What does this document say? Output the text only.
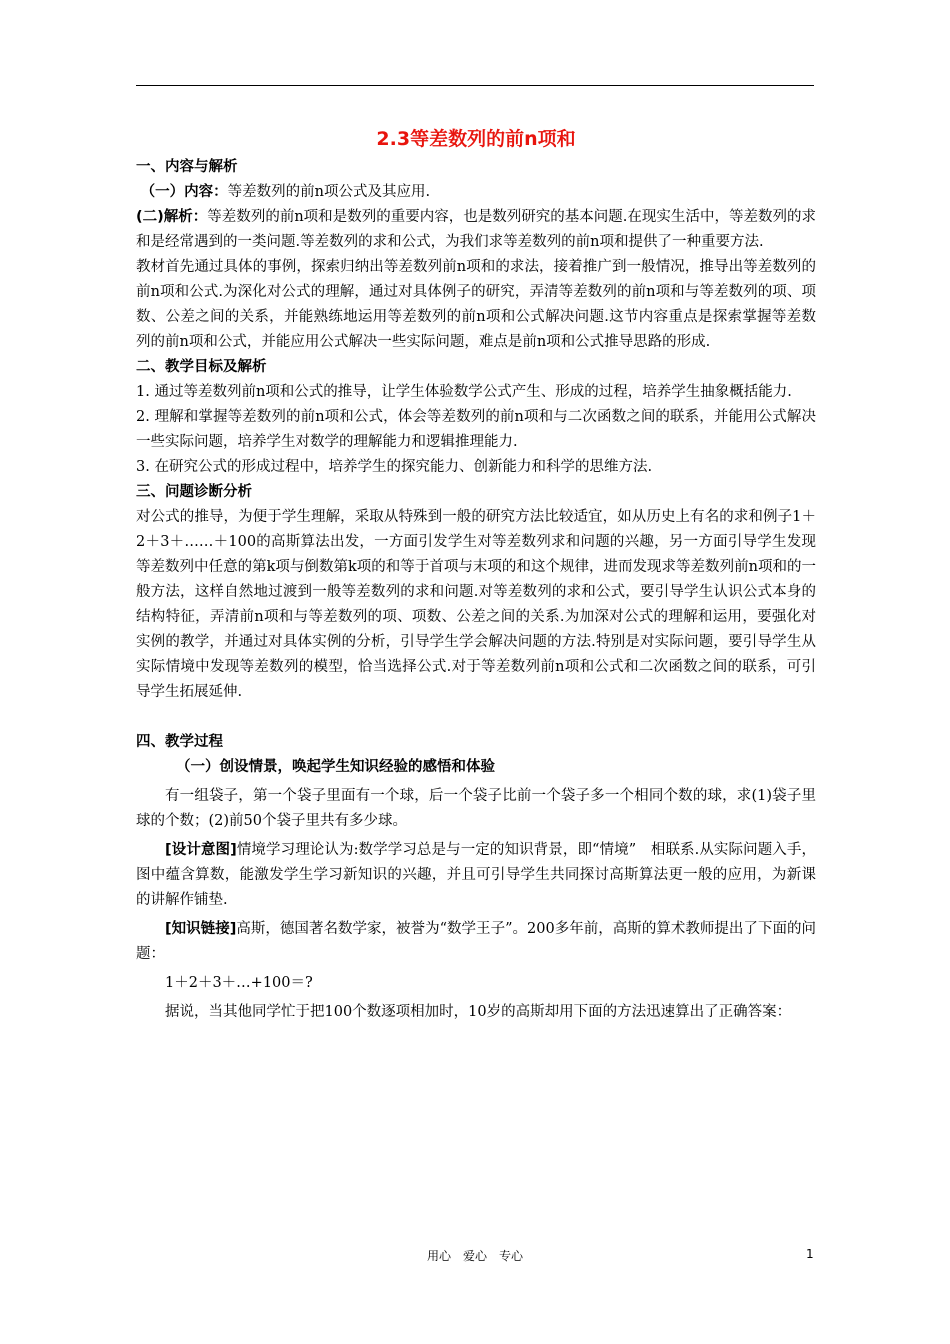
2.3等差数列的前n项和
一、内容与解析

（一）内容：等差数列的前n项公式及其应用.

(二)解析：等差数列的前n项和是数列的重要内容，也是数列研究的基本问题.在现实生活中，等差数列的求和是经常遇到的一类问题.等差数列的求和公式，为我们求等差数列的前n项和提供了一种重要方法.

教材首先通过具体的事例，探索归纳出等差数列前n项和的求法，接着推广到一般情况，推导出等差数列的前n项和公式.为深化对公式的理解，通过对具体例子的研究，弄清等差数列的前n项和与等差数列的项、项数、公差之间的关系，并能熟练地运用等差数列的前n项和公式解决问题.这节内容重点是探索掌握等差数列的前n项和公式，并能应用公式解决一些实际问题，难点是前n项和公式推导思路的形成.

二、教学目标及解析

1. 通过等差数列前n项和公式的推导，让学生体验数学公式产生、形成的过程，培养学生抽象概括能力.

2. 理解和掌握等差数列的前n项和公式，体会等差数列的前n项和与二次函数之间的联系，并能用公式解决一些实际问题，培养学生对数学的理解能力和逻辑推理能力.

3. 在研究公式的形成过程中，培养学生的探究能力、创新能力和科学的思维方法.

三、问题诊断分析

对公式的推导，为便于学生理解，采取从特殊到一般的研究方法比较适宜，如从历史上有名的求和例子1＋2＋3＋……＋100的高斯算法出发，一方面引发学生对等差数列求和问题的兴趣，另一方面引导学生发现等差数列中任意的第k项与倒数第k项的和等于首项与末项的和这个规律，进而发现求等差数列前n项和的一般方法，这样自然地过渡到一般等差数列的求和问题.对等差数列的求和公式，要引导学生认识公式本身的结构特征，弄清前n项和与等差数列的项、项数、公差之间的关系.为加深对公式的理解和运用，要强化对实例的教学，并通过对具体实例的分析，引导学生学会解决问题的方法.特别是对实际问题，要引导学生从实际情境中发现等差数列的模型，恰当选择公式.对于等差数列前n项和公式和二次函数之间的联系，可引导学生拓展延伸.

四、教学过程
（一）创设情景，唤起学生知识经验的感悟和体验

有一组袋子，第一个袋子里面有一个球，后一个袋子比前一个袋子多一个相同个数的球，求(1)袋子里球的个数；(2)前50个袋子里共有多少球。

[设计意图]情境学习理论认为:数学学习总是与一定的知识背景，即“情境”　相联系.从实际问题入手，图中蕴含算数，能激发学生学习新知识的兴趣，并且可引导学生共同探讨高斯算法更一般的应用，为新课的讲解作铺垫.

[知识链接]高斯，德国著名数学家，被誉为“数学王子”。200多年前，高斯的算术教师提出了下面的问题：

1＋2＋3＋…+100＝?

据说，当其他同学忙于把100个数逐项相加时，10岁的高斯却用下面的方法迅速算出了正确答案：

用心　爱心　专心	1
